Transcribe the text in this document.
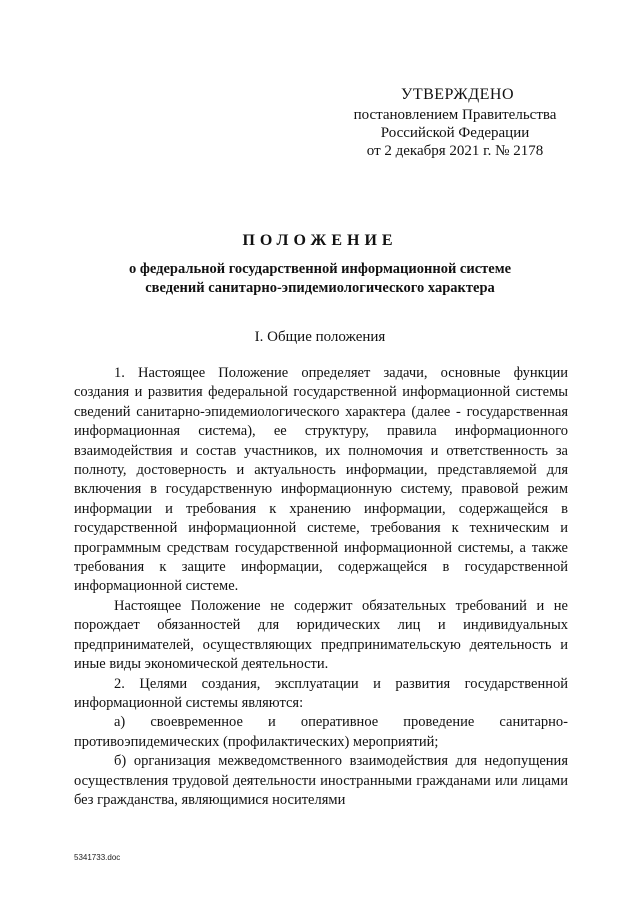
УТВЕРЖДЕНО
постановлением Правительства
Российской Федерации
от 2 декабря 2021 г. № 2178
ПОЛОЖЕНИЕ
о федеральной государственной информационной системе сведений санитарно-эпидемиологического характера
I. Общие положения

1. Настоящее Положение определяет задачи, основные функции создания и развития федеральной государственной информационной системы сведений санитарно-эпидемиологического характера (далее - государственная информационная система), ее структуру, правила информационного взаимодействия и состав участников, их полномочия и ответственность за полноту, достоверность и актуальность информации, представляемой для включения в государственную информационную систему, правовой режим информации и требования к хранению информации, содержащейся в государственной информационной системе, требования к техническим и программным средствам государственной информационной системы, а также требования к защите информации, содержащейся в государственной информационной системе.

Настоящее Положение не содержит обязательных требований и не порождает обязанностей для юридических лиц и индивидуальных предпринимателей, осуществляющих предпринимательскую деятельность и иные виды экономической деятельности.

2. Целями создания, эксплуатации и развития государственной информационной системы являются:

а) своевременное и оперативное проведение санитарно-противоэпидемических (профилактических) мероприятий;

б) организация межведомственного взаимодействия для недопущения осуществления трудовой деятельности иностранными гражданами или лицами без гражданства, являющимися носителями

5341733.doc
